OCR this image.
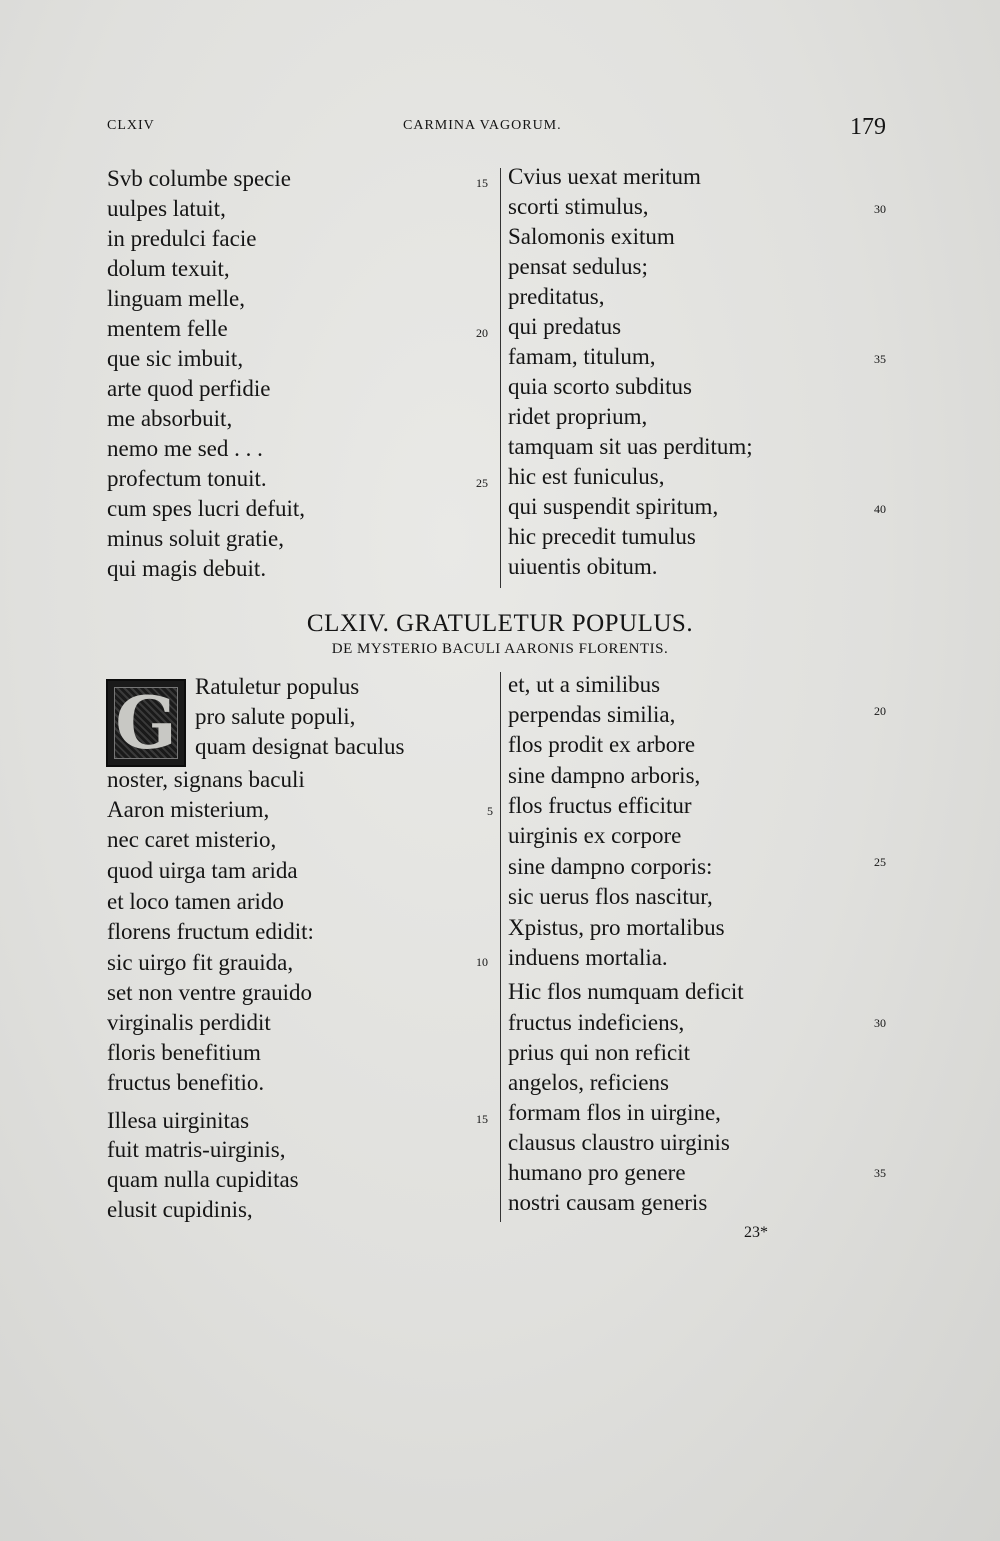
CLXIV	CARMINA VAGORUM.	179
Svb columbe specie
uulpes latuit,
in predulci facie
dolum texuit,
linguam melle,
mentem felle
que sic imbuit,
arte quod perfidie
me absorbuit,
nemo me sed . . .
profectum tonuit.
cum spes lucri defuit,
minus soluit gratie,
qui magis debuit.
15
20
25
Cvius uexat meritum
scorti stimulus,
Salomonis exitum
pensat sedulus;
preditatus,
qui predatus
famam, titulum,
quia scorto subditus
ridet proprium,
tamquam sit uas perditum;
hic est funiculus,
qui suspendit spiritum,
hic precedit tumulus
uiuentis obitum.
30
35
40
CLXIV. GRATULETUR POPULUS.
DE MYSTERIO BACULI AARONIS FLORENTIS.
G Ratuletur populus
pro salute populi,
quam designat baculus
noster, signans baculi
Aaron misterium,
nec caret misterio,
quod uirga tam arida
et loco tamen arido
florens fructum edidit:
sic uirgo fit grauida,
set non ventre grauido
virginalis perdidit
floris benefitium
fructus benefitio.
Illesa uirginitas
fuit matris-uirginis,
quam nulla cupiditas
elusit cupidinis,
5
10
15
et, ut a similibus
perpendas similia,
flos prodit ex arbore
sine dampno arboris,
flos fructus efficitur
uirginis ex corpore
sine dampno corporis:
sic uerus flos nascitur,
Xpistus, pro mortalibus
induens mortalia.
Hic flos numquam deficit
fructus indeficiens,
prius qui non reficit
angelos, reficiens
formam flos in uirgine,
clausus claustro uirginis
humano pro genere
nostri causam generis
20
25
30
35
23*
